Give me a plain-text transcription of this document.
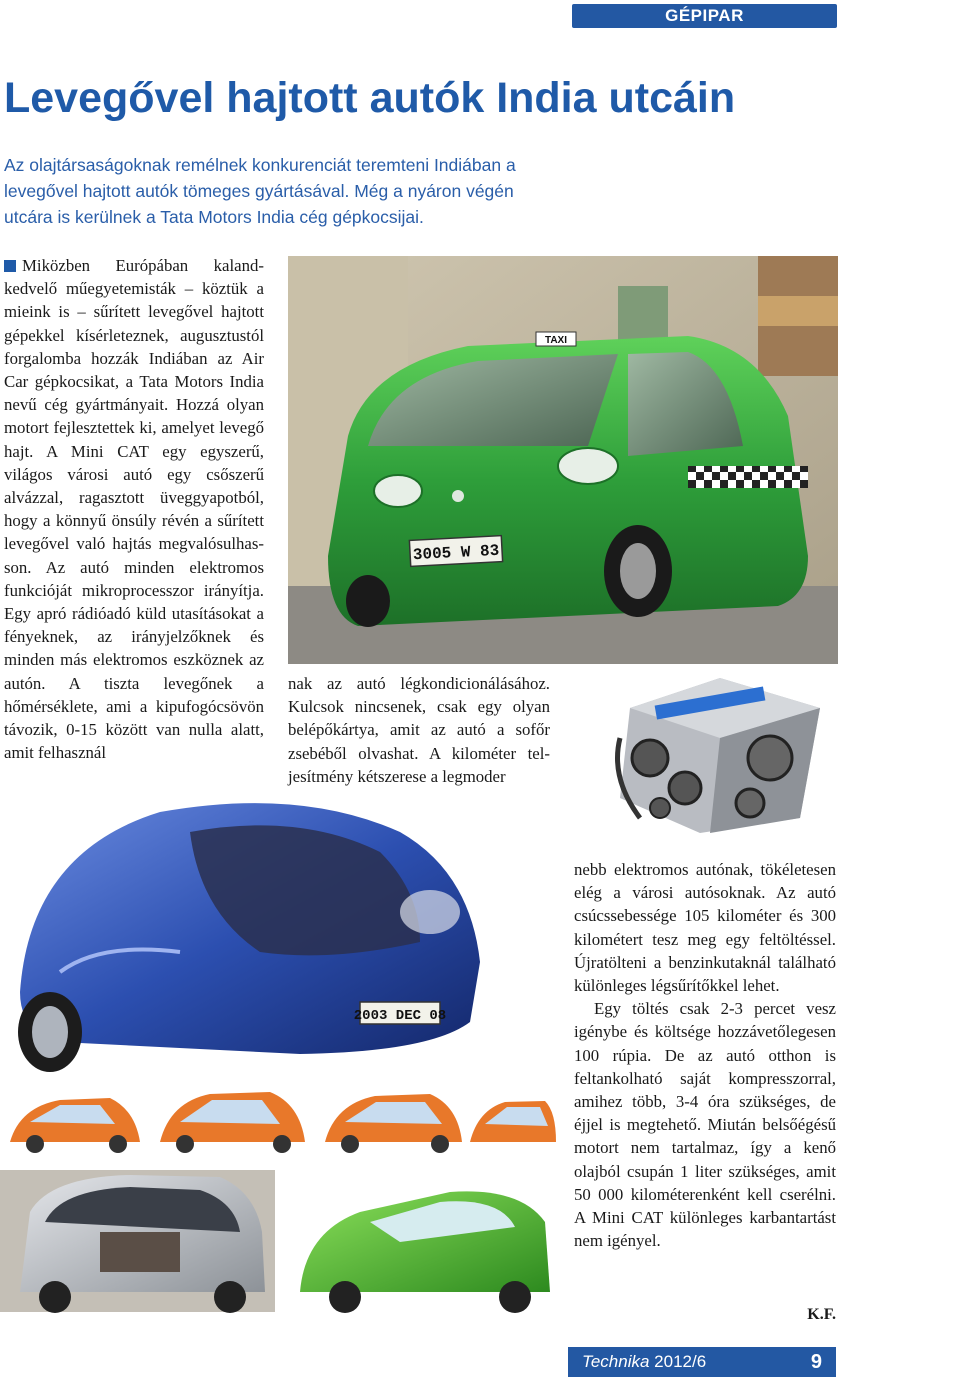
GÉPIPAR
Levegővel hajtott autók India utcáin
Az olajtársaságoknak remélnek konkurenciát teremteni Indiában a levegővel hajtott autók tömeges gyártásával. Még a nyáron végén utcára is kerülnek a Tata Motors India cég gépkocsijai.

Miközben Európában kalandkedvelő műegyetemisták – köztük a mieink is – sűrített levegővel hajtott gépekkel kísérleteznek, augusztustól forgalomba hozzák Indiában az Air Car gépkocsikat, a Tata Motors India nevű cég gyártmányait. Hozzá olyan motort fejlesztettek ki, amelyet levegő hajt. A Mini CAT egy egyszerű, világos városi autó egy csőszerű alvázzal, ragasztott üveggyapotból, hogy a könnyű önsúly révén a sűrített levegővel való hajtás megvalósulhasson. Az autó minden elektromos funkcióját mikroprocesszor irányítja. Egy apró rádióadó küld utasításokat a fényeknek, az irányjelzőknek és minden más elektromos eszköznek az autón. A tiszta levegőnek a hőmérséklete, ami a kipufogócsövön távozik, 0-15 között van nulla alatt, amit felhasznál

TAXI
3005 W 83

nak az autó légkondicionálásához. Kulcsok nincsenek, csak egy olyan belépőkártya, amit az autó a sofőr zsebéből olvashat. A kilométer teljesítmény kétszerese a legmoder

2003 DEC 08

nebb elektromos autónak, tökéletesen elég a városi autósoknak. Az autó csúcssebessége 105 kilométer és 300 kilométert tesz meg egy feltöltéssel. Újratölteni a benzinkutaknál található különleges légsűrítőkkel lehet.

Egy töltés csak 2-3 percet vesz igénybe és költsége hozzávetőlegesen 100 rúpia. De az autó otthon is feltankolható saját kompresszorral, amihez több, 3-4 óra szükséges, de éjjel is megtehető. Miután belsőégésű motort nem tartalmaz, így a kenő olajból csupán 1 liter szükséges, amit 50 000 kilométerenként kell cserélni. A Mini CAT különleges karbantartást nem igényel.

K.F.
Technika 2012/6	9
